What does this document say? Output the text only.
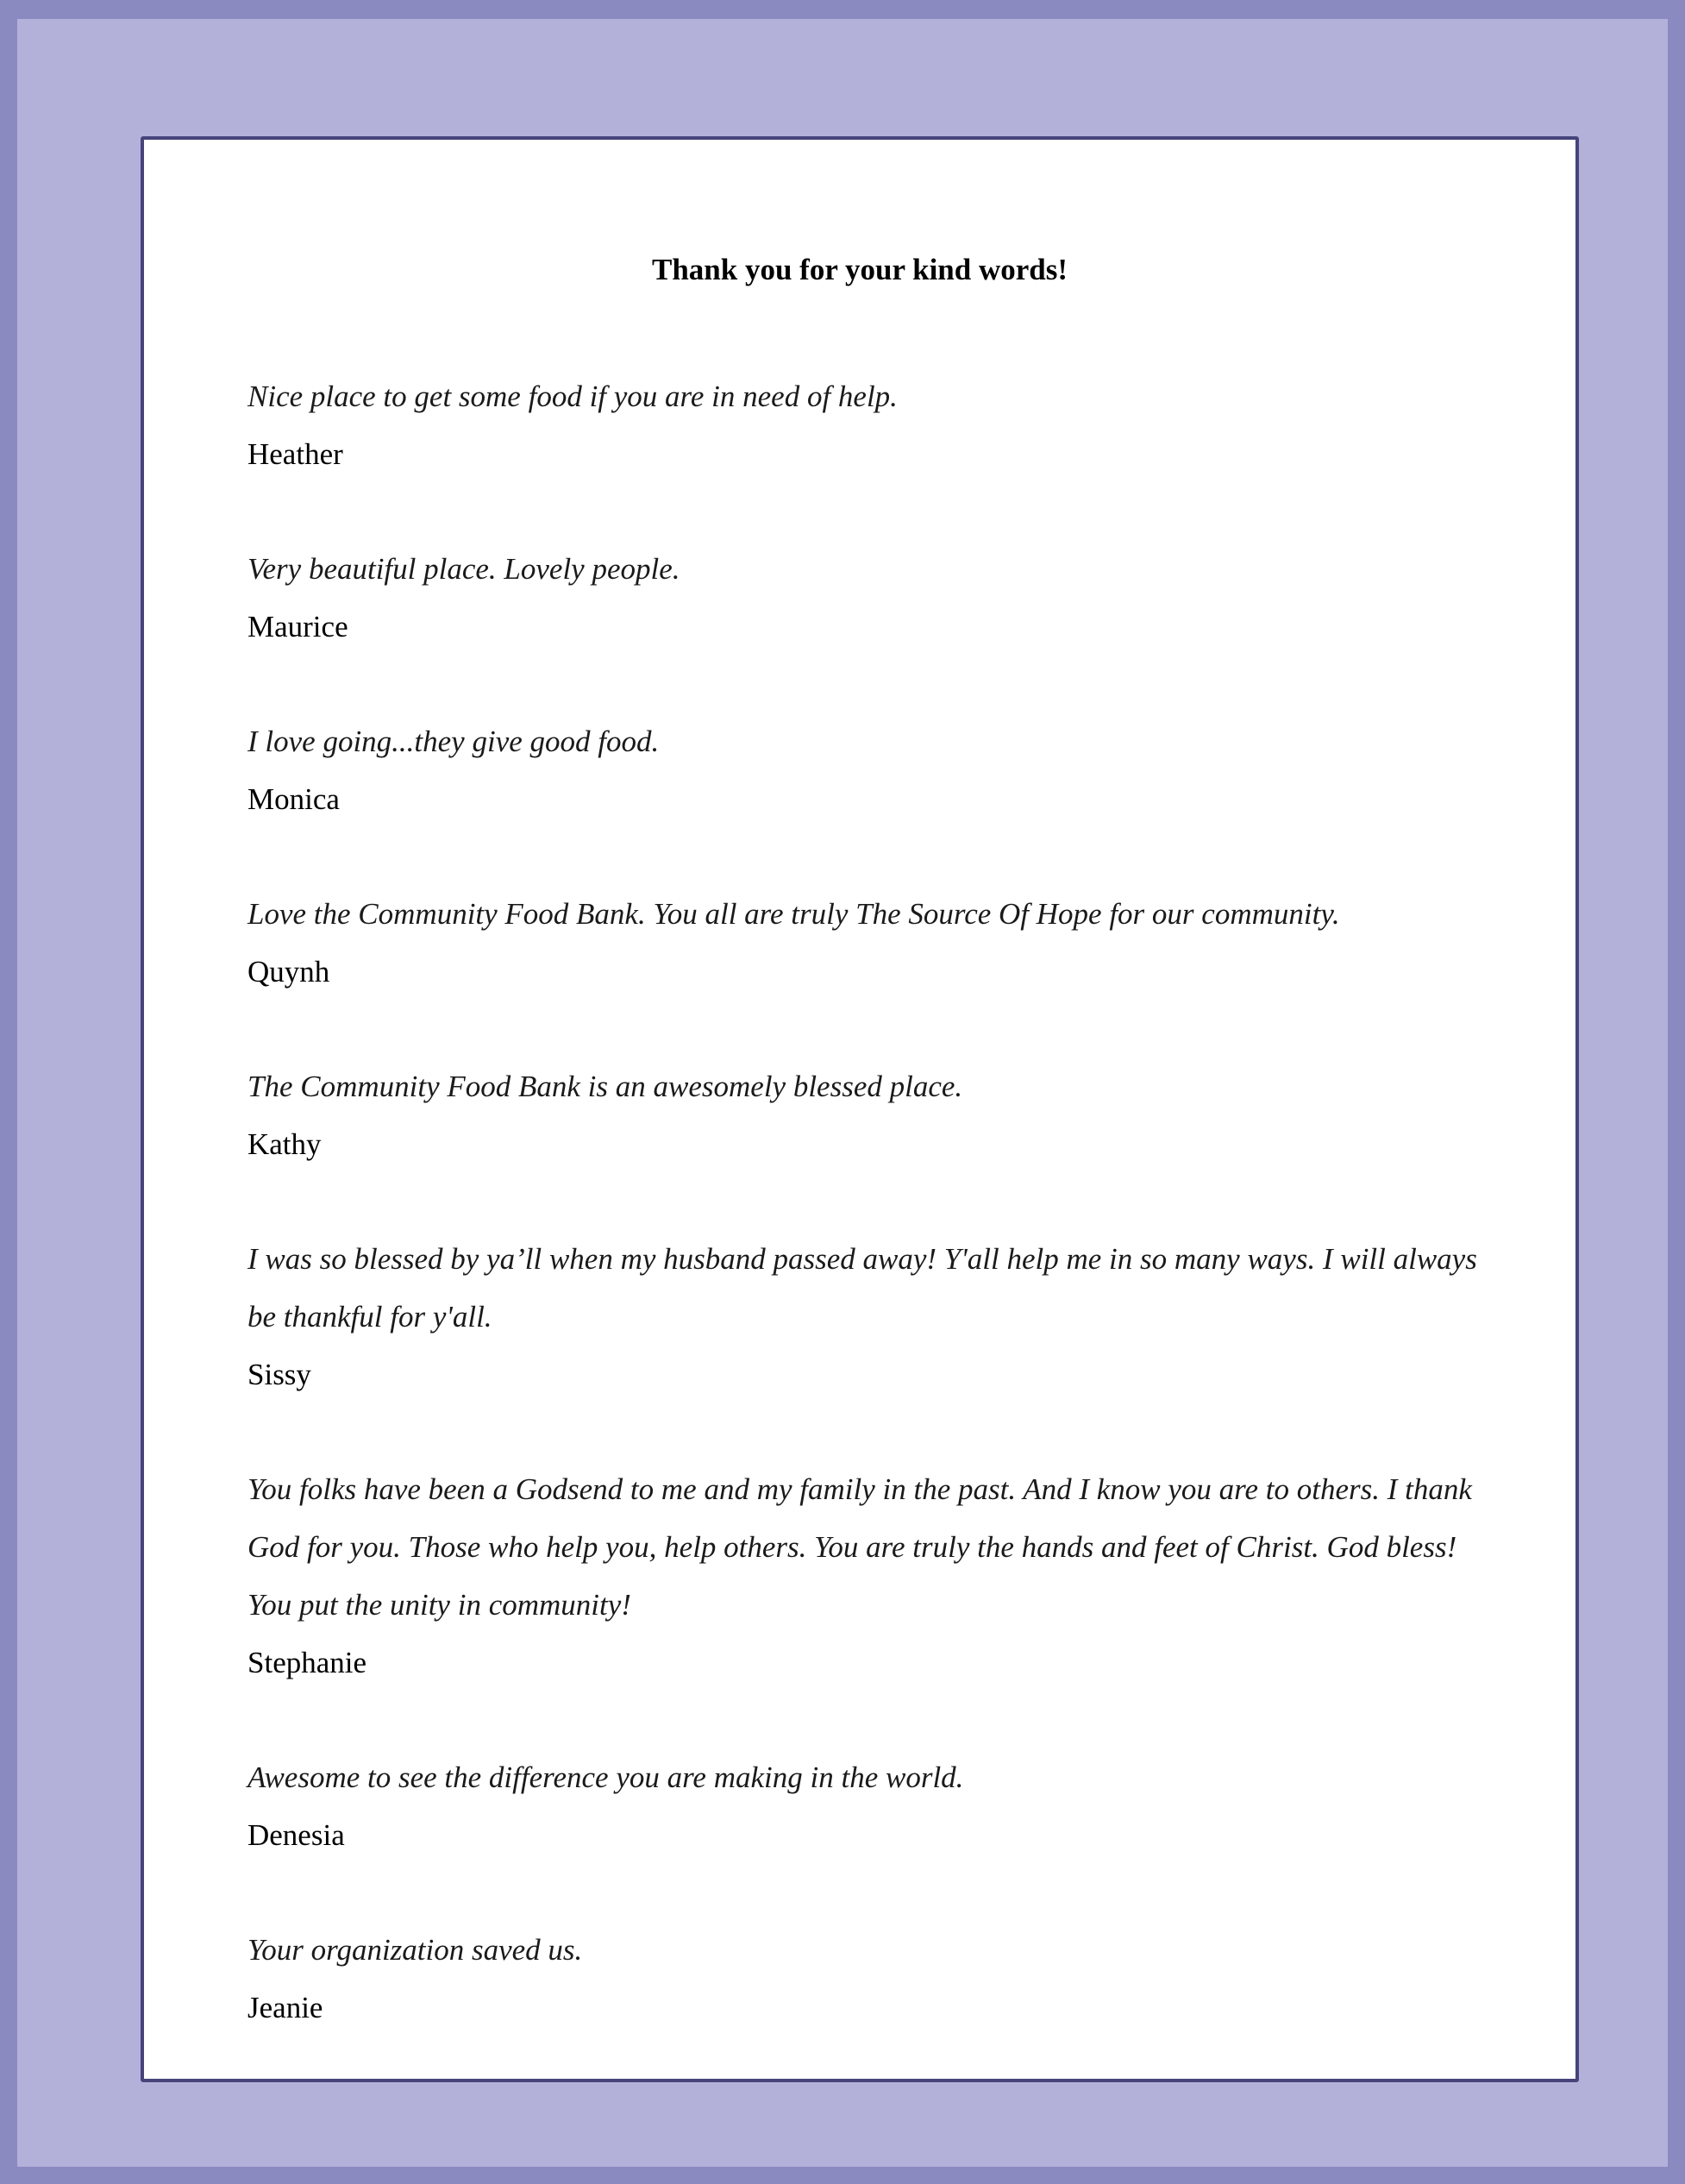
Thank you for your kind words!

Nice place to get some food if you are in need of help.

Heather

Very beautiful place. Lovely people.

Maurice

I love going...they give good food.

Monica

Love the Community Food Bank. You all are truly The Source Of Hope for our community.

Quynh

The Community Food Bank is an awesomely blessed place.

Kathy

I was so blessed by ya’ll when my husband passed away! Y'all help me in so many ways. I will always be thankful for y'all.

Sissy

You folks have been a Godsend to me and my family in the past. And I know you are to others. I thank God for you. Those who help you, help others. You are truly the hands and feet of Christ. God bless! You put the unity in community!

Stephanie

Awesome to see the difference you are making in the world.

Denesia

Your organization saved us.

Jeanie
